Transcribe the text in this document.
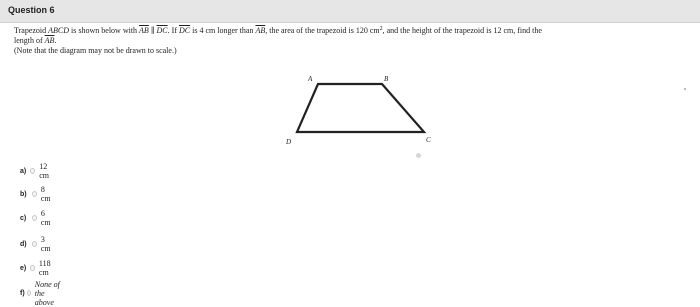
Question 6

Trapezoid ABCD is shown below with $\overline{AB}$ ∥ $\overline{DC}$. If $\overline{DC}$ is 4 cm longer than $\overline{AB}$, the area of the trapezoid is 120 $cm^2$, and the height of the trapezoid is 12 cm, find the

length of $\overline{AB}$.

(Note that the diagram may not be drawn to scale.)

A	B
C
D
a)	12 cm
b)	8 cm
c)	6 cm
d)	3 cm
e)	118 cm
f)
None of the above
